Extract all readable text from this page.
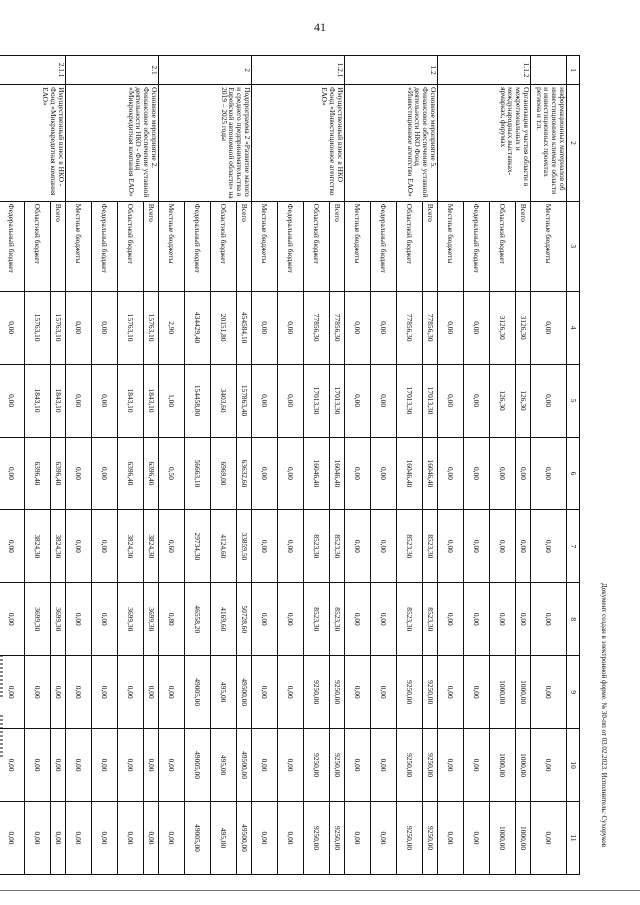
41
1	2	3	4	5	6	7	8	9	10	11
	информационных материалов об инвестиционном климате области и инвестиционных проектах региона и т.п.	Местные бюджеты	0,00	0,00	0,00	0,00	0,00	0,00	0,00	0,00
1.1.2	Организация участия области в межрегиональных и международных выставках-ярмарках, форумах	Всего	3126,30	126,30	0,00	0,00	0,00	1000,00	1000,00	1000,00
		Областной бюджет	3126,30	126,30	0,00	0,00	0,00	1000,00	1000,00	1000,00
		Федеральный бюджет	0,00	0,00	0,00	0,00	0,00	0,00	0,00	0,00
		Местные бюджеты	0,00	0,00	0,00	0,00	0,00	0,00	0,00	0,00
1.2	Основное мероприятие 5. Финансовое обеспечение уставной деятельности НКО Фонд «Инвестиционное агентство ЕАО»	Всего	77856,30	17013,30	16046,40	8523,30	8523,30	9250,00	9250,00	9250,00
		Областной бюджет	77856,30	17013,30	16046,40	8523,30	8523,30	9250,00	9250,00	9250,00
		Федеральный бюджет	0,00	0,00	0,00	0,00	0,00	0,00	0,00	0,00
		Местные бюджеты	0,00	0,00	0,00	0,00	0,00	0,00	0,00	0,00
1.2.1	Имущественный взнос в НКО Фонд «Инвестиционное агентство ЕАО»	Всего	77856,30	17013,30	16046,40	8523,30	8523,30	9250,00	9250,00	9250,00
		Областной бюджет	77856,30	17013,30	16046,40	8523,30	8523,30	9250,00	9250,00	9250,00
		Федеральный бюджет	0,00	0,00	0,00	0,00	0,00	0,00	0,00	0,00
		Местные бюджеты	0,00	0,00	0,00	0,00	0,00	0,00	0,00	0,00
2	Подпрограмма 2 «Развитие малого и среднего предпринимательства в Еврейской автономной области» на 2019 – 2025 годы	Всего	454584,10	157863,40	63632,60	33859,50	50728,60	49500,00	49500,00	49500,00
		Областной бюджет	20151,80	3403,60	6969,00	4124,60	4169,60	495,00	495,00	495,00
		Федеральный бюджет	434429,40	154458,80	56663,10	29734,30	46558,20	49005,00	49005,00	49005,00
		Местные бюджеты	2,90	1,00	0,50	0,60	0,80	0,00	0,00	0,00
2.1	Основное мероприятие 2. Финансовое обеспечение уставной деятельности НКО - Фонд «Микрокредитная компания ЕАО»	Всего	15763,10	1843,10	6396,40	3824,30	3699,30	0,00	0,00	0,00
		Областной бюджет	15763,10	1843,10	6396,40	3824,30	3699,30	0,00	0,00	0,00
		Федеральный бюджет	0,00	0,00	0,00	0,00	0,00	0,00	0,00	0,00
		Местные бюджеты	0,00	0,00	0,00	0,00	0,00	0,00	0,00	0,00
2.1.1	Имущественный взнос в НКО - Фонд «Микрокредитная компания ЕАО»	Всего	15763,10	1843,10	6396,40	3824,30	3699,30	0,00	0,00	0,00
		Областной бюджет	15763,10	1843,10	6396,40	3824,30	3699,30	0,00	0,00	0,00
		Федеральный бюджет	0,00	0,00	0,00	0,00	0,00	0,00	0,00	0,00

									Документ создан в электронной форме. № 30-пп от 03.02.2023. Исполнитель: Сухоруков
